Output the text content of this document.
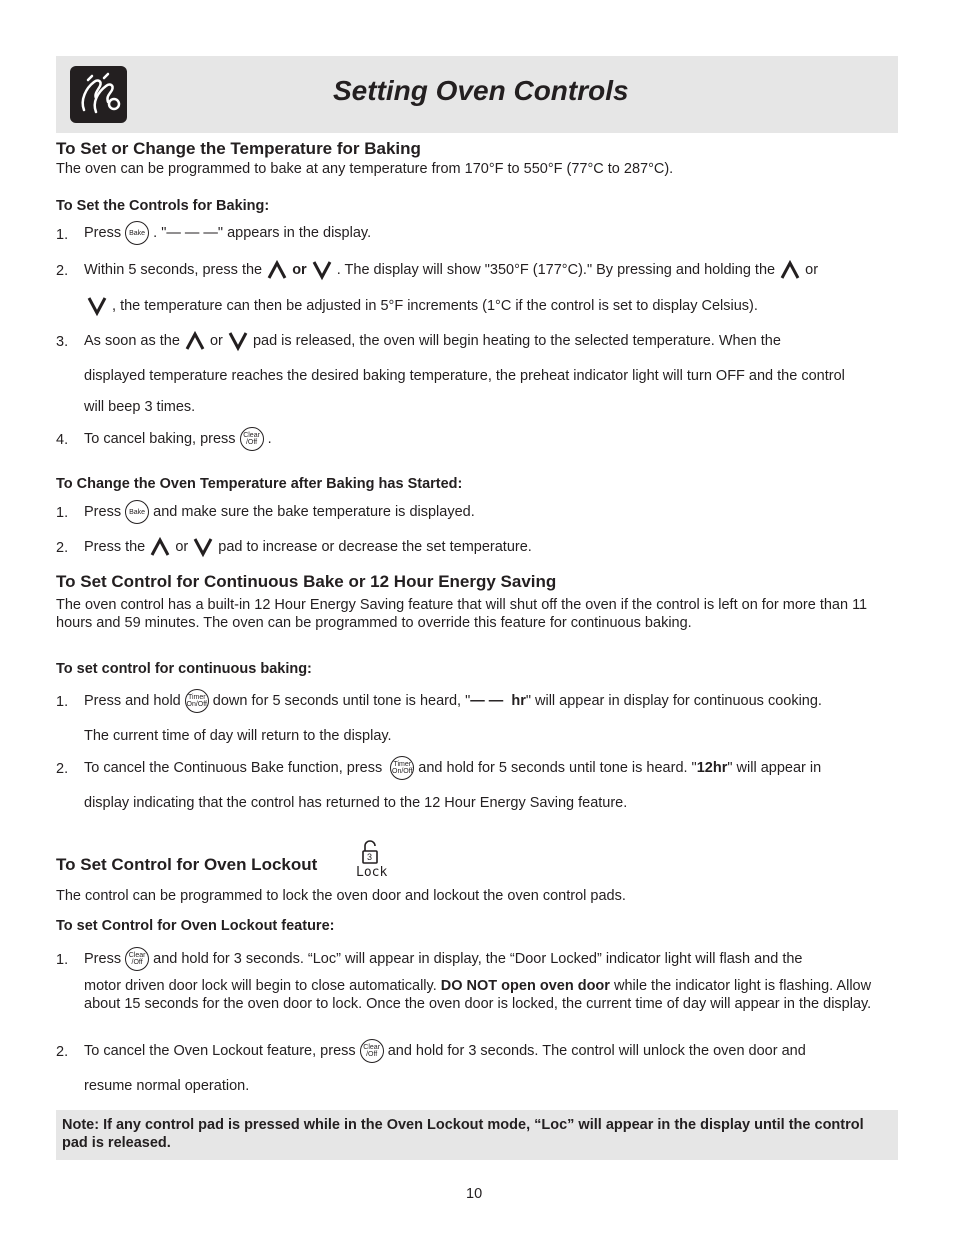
Setting Oven Controls
To Set or Change the Temperature for Baking
The oven can be programmed to bake at any temperature from 170°F to 550°F (77°C to 287°C).
To Set the Controls for Baking:
1. Press Bake . "— — —" appears in the display.
2. Within 5 seconds, press the or . The display will show "350°F (177°C)." By pressing and holding the or
, the temperature can then be adjusted in 5°F increments (1°C if the control is set to display Celsius).
3. As soon as the or pad is released, the oven will begin heating to the selected temperature. When the
displayed temperature reaches the desired baking temperature, the preheat indicator light will turn OFF and the control
will beep 3 times.
4. To cancel baking, press Clear
/Off .
To Change the Oven Temperature after Baking has Started:
1. Press Bake and make sure the bake temperature is displayed.
2. Press the or pad to increase or decrease the set temperature.
To Set Control for Continuous Bake or 12 Hour Energy Saving
The oven control has a built-in 12 Hour Energy Saving feature that will shut off the oven if the control is left on for more than 11 hours and 59 minutes. The oven can be programmed to override this feature for continuous baking.
To set control for continuous baking:
1. Press and hold Timer
On/Off down for 5 seconds until tone is heard, "— —  hr" will appear in display for continuous cooking.
The current time of day will return to the display.
2. To cancel the Continuous Bake function, press Timer
On/Off and hold for 5 seconds until tone is heard. "12hr" will appear in
display indicating that the control has returned to the 12 Hour Energy Saving feature.
To Set Control for Oven Lockout	3
Lock
The control can be programmed to lock the oven door and lockout the oven control pads.
To set Control for Oven Lockout feature:
1. Press Clear
/Off and hold for 3 seconds. “Loc” will appear in display, the “Door Locked” indicator light will flash and the
motor driven door lock will begin to close automatically. DO NOT open oven door while the indicator light is flashing. Allow about 15 seconds for the oven door to lock. Once the oven door is locked, the current time of day will appear in the display.
2. To cancel the Oven Lockout feature, press Clear
/Off and hold for 3 seconds. The control will unlock the oven door and
resume normal operation.
Note: If any control pad is pressed while in the Oven Lockout mode, “Loc” will appear in the display until the control pad is released.
10
